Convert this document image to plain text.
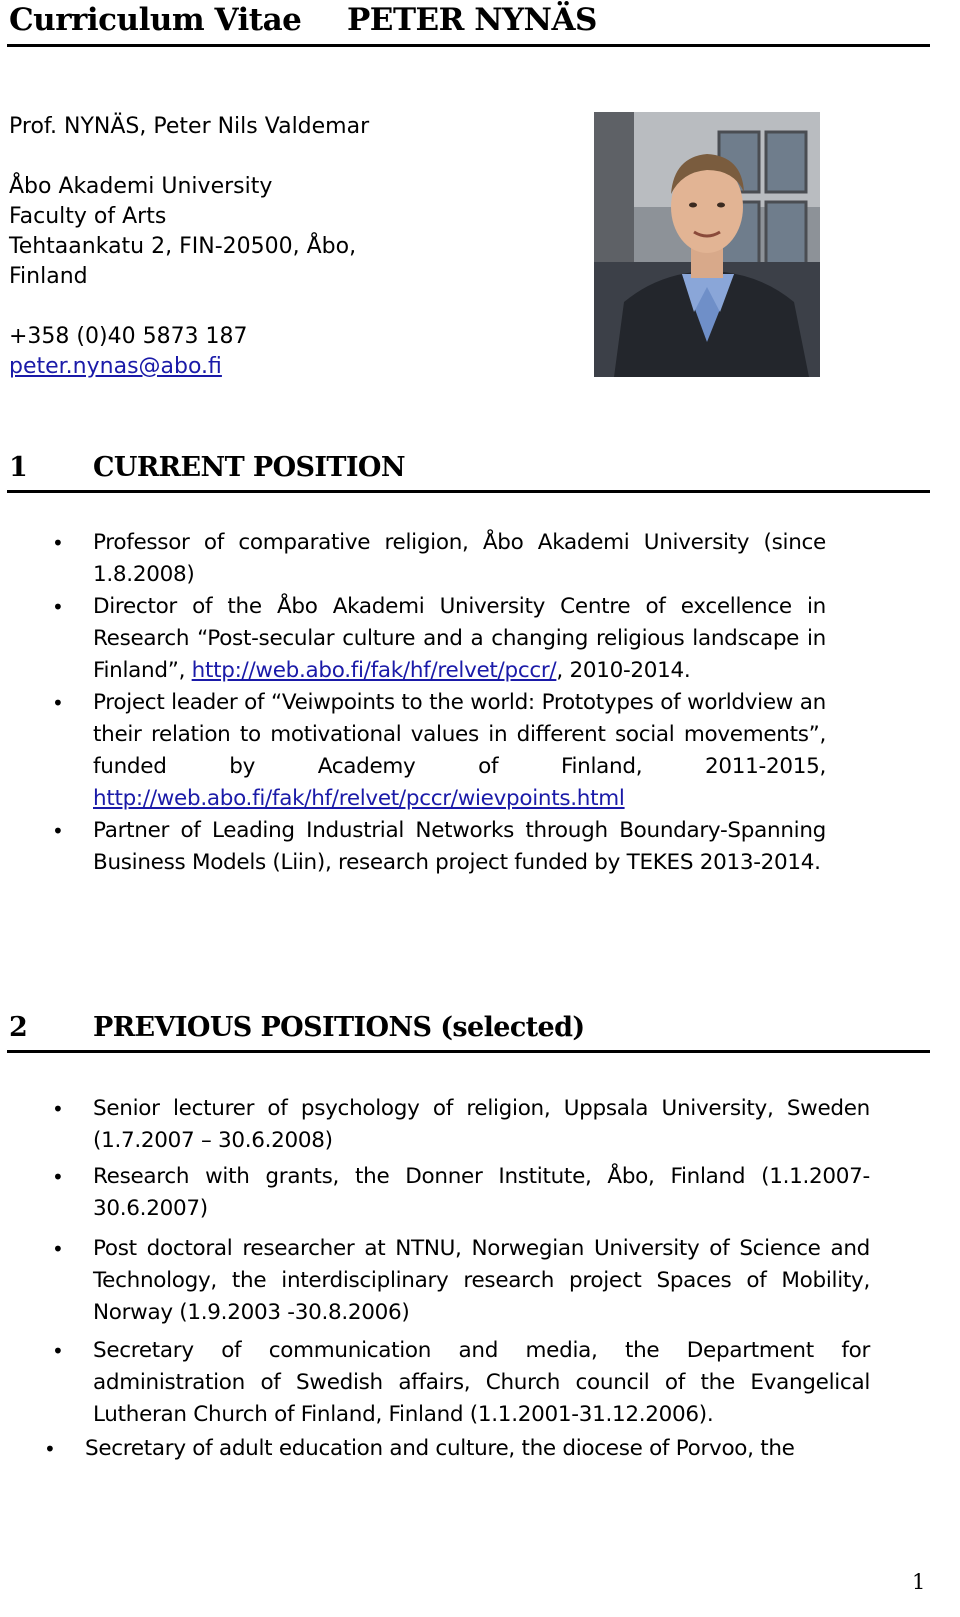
Curriculum Vitae PETER NYNÄS
Prof. NYNÄS, Peter Nils Valdemar
Åbo Akademi University
Faculty of Arts
Tehtaankatu 2, FIN-20500, Åbo,
Finland
+358 (0)40 5873 187
peter.nynas@abo.fi
1 CURRENT POSITION
• Professor of comparative religion, Åbo Akademi University (since 1.8.2008)
• Director of the Åbo Akademi University Centre of excellence in Research “Post-secular culture and a changing religious landscape in Finland”, http://web.abo.fi/fak/hf/relvet/pccr/, 2010-2014.
• Project leader of “Veiwpoints to the world: Prototypes of worldview an their relation to motivational values in different social movements”, funded by Academy of Finland, 2011-2015, http://web.abo.fi/fak/hf/relvet/pccr/wievpoints.html
• Partner of Leading Industrial Networks through Boundary-Spanning Business Models (Liin), research project funded by TEKES 2013-2014.
2 PREVIOUS POSITIONS (selected)
• Senior lecturer of psychology of religion, Uppsala University, Sweden (1.7.2007 – 30.6.2008)
• Research with grants, the Donner Institute, Åbo, Finland (1.1.2007-30.6.2007)
• Post doctoral researcher at NTNU, Norwegian University of Science and Technology, the interdisciplinary research project Spaces of Mobility, Norway (1.9.2003 -30.8.2006)
• Secretary of communication and media, the Department for administration of Swedish affairs, Church council of the Evangelical Lutheran Church of Finland, Finland (1.1.2001-31.12.2006).
• Secretary of adult education and culture, the diocese of Porvoo, the
1
